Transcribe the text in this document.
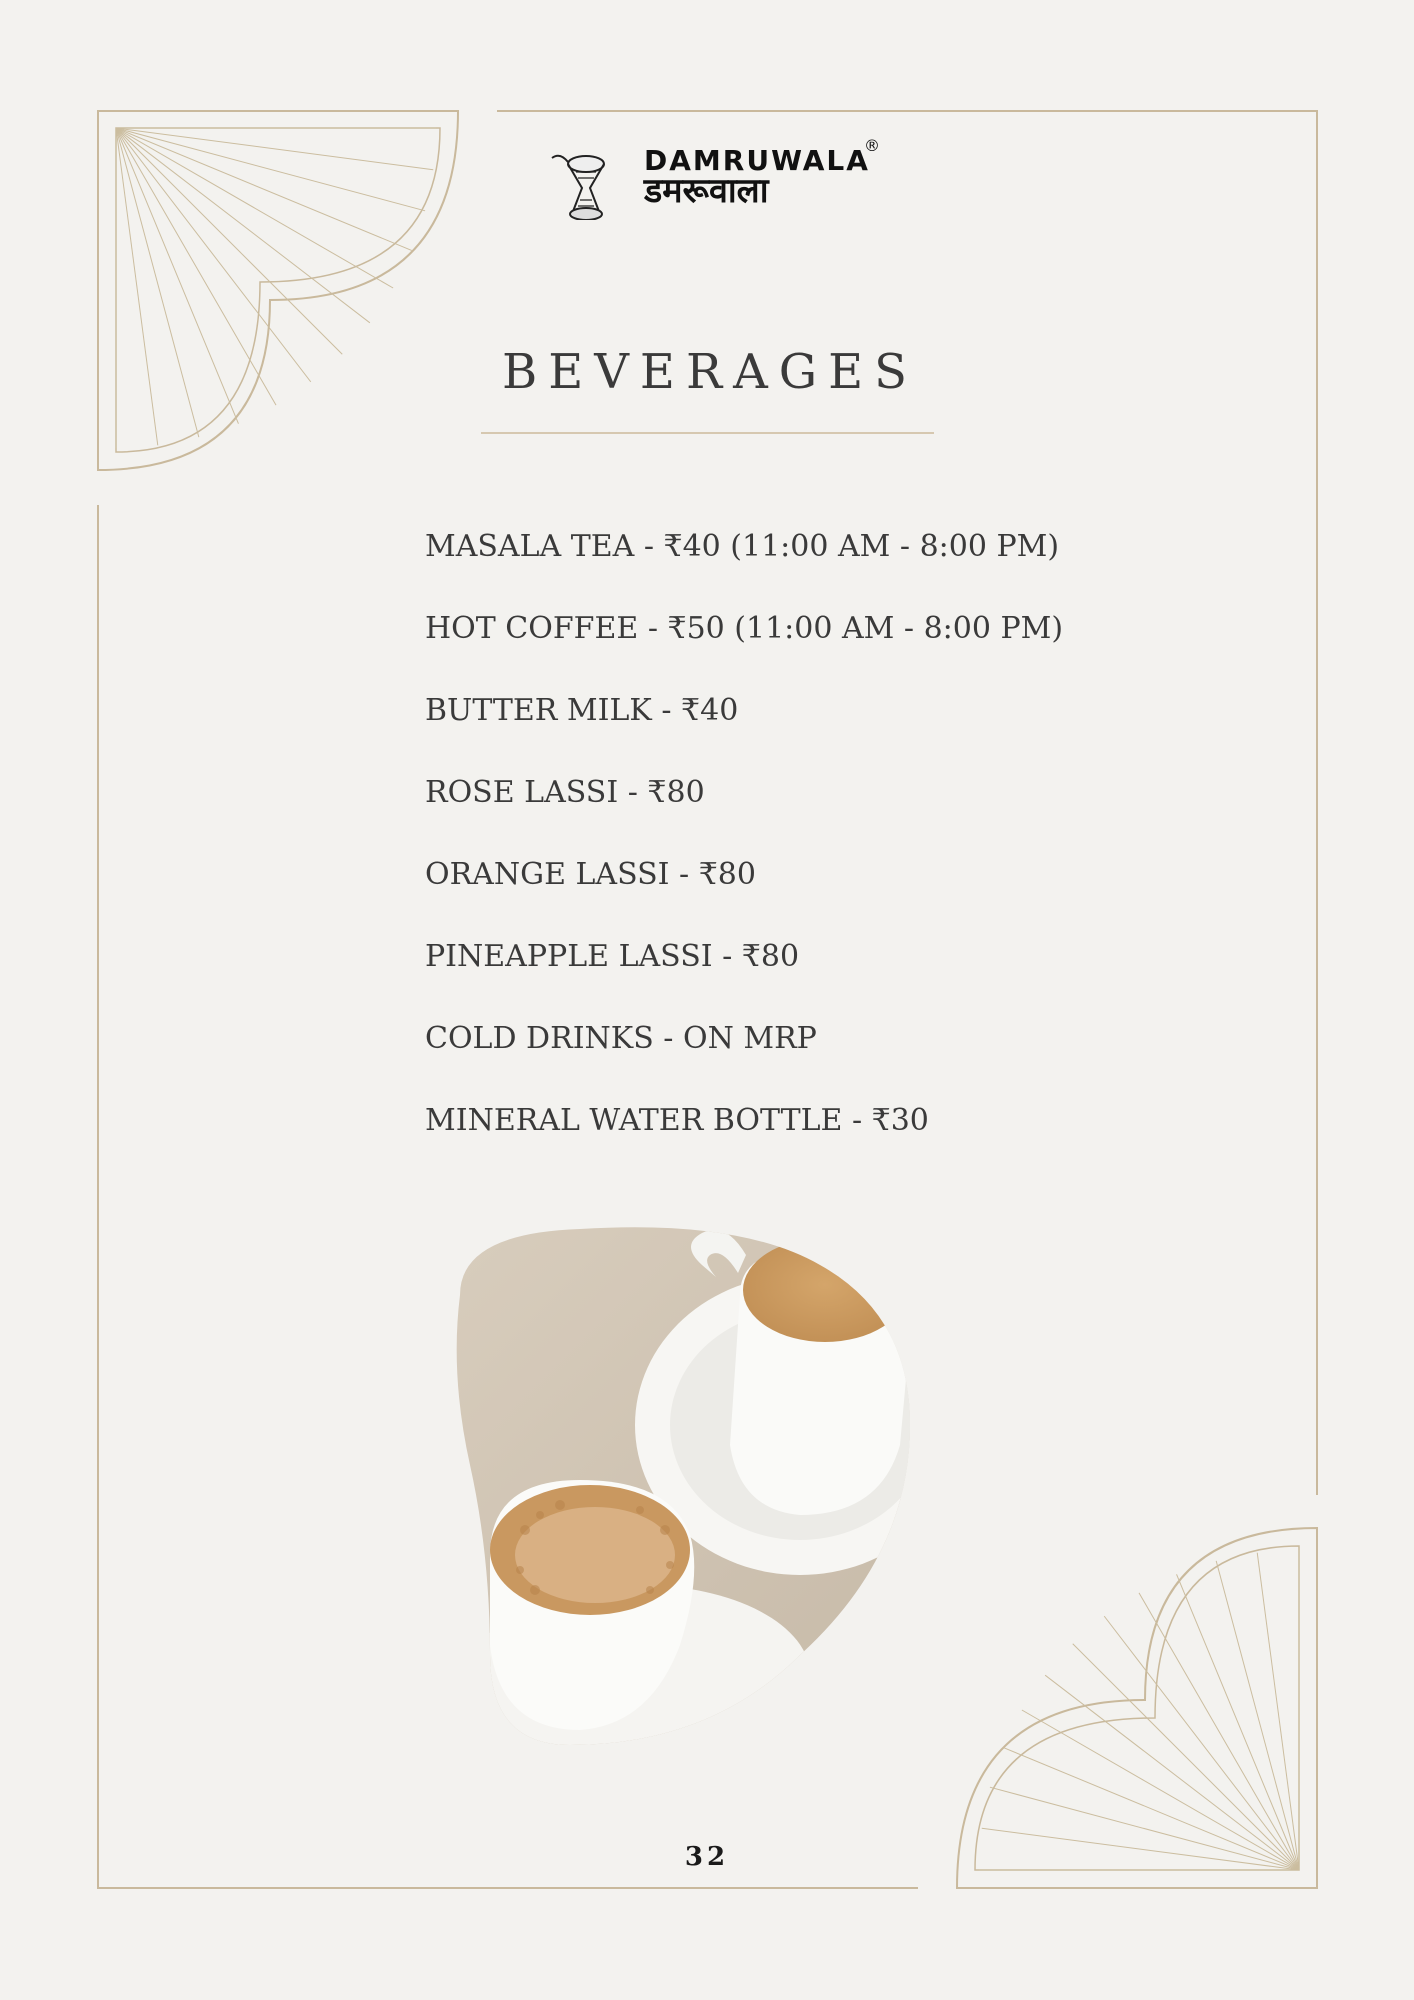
DAMRUWALA
®
डमरूवाला
BEVERAGES
MASALA TEA - ₹40 (11:00 AM - 8:00 PM)
HOT COFFEE - ₹50 (11:00 AM - 8:00 PM)
BUTTER MILK - ₹40
ROSE LASSI - ₹80
ORANGE LASSI - ₹80
PINEAPPLE LASSI - ₹80
COLD DRINKS - ON MRP
MINERAL WATER BOTTLE - ₹30
32
